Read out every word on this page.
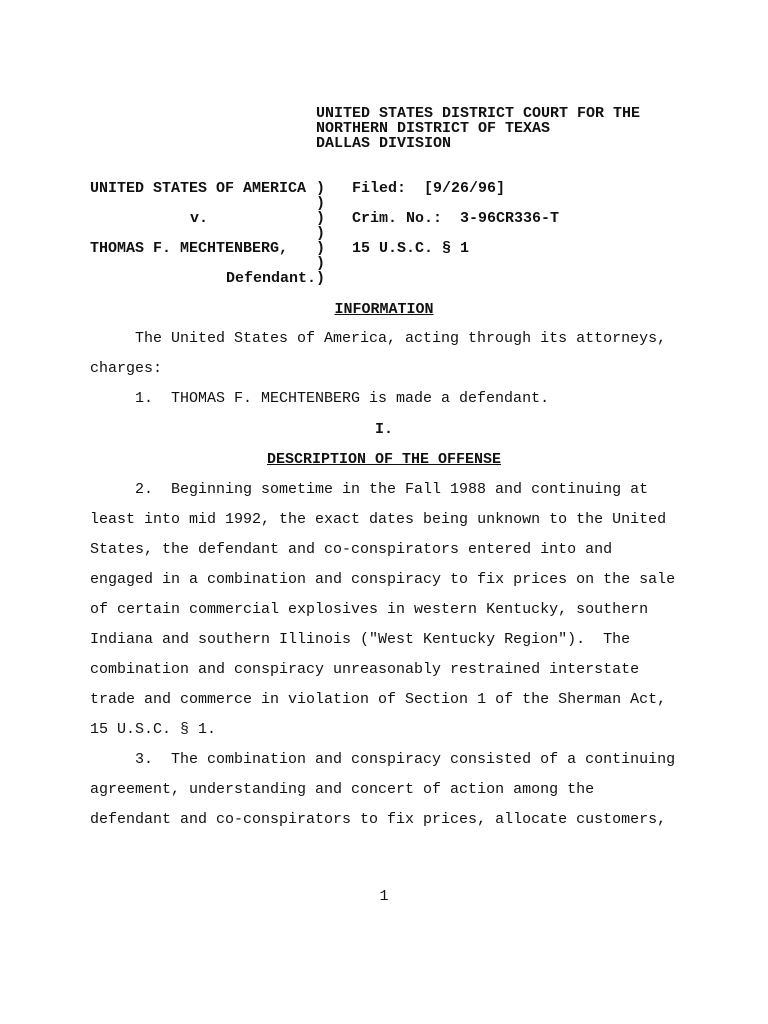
UNITED STATES DISTRICT COURT FOR THE
NORTHERN DISTRICT OF TEXAS
DALLAS DIVISION
UNITED STATES OF AMERICA
v.
THOMAS F. MECHTENBERG,
Defendant.
)
)
)
)
)
)
)
Filed:  [9/26/96]
Crim. No.:  3-96CR336-T
15 U.S.C. § 1
INFORMATION
The United States of America, acting through its attorneys,
charges:
1.  THOMAS F. MECHTENBERG is made a defendant.
I.
DESCRIPTION OF THE OFFENSE
2.  Beginning sometime in the Fall 1988 and continuing at
least into mid 1992, the exact dates being unknown to the United
States, the defendant and co-conspirators entered into and
engaged in a combination and conspiracy to fix prices on the sale
of certain commercial explosives in western Kentucky, southern
Indiana and southern Illinois ("West Kentucky Region").  The
combination and conspiracy unreasonably restrained interstate
trade and commerce in violation of Section 1 of the Sherman Act,
15 U.S.C. § 1.
3.  The combination and conspiracy consisted of a continuing
agreement, understanding and concert of action among the
defendant and co-conspirators to fix prices, allocate customers,
1
